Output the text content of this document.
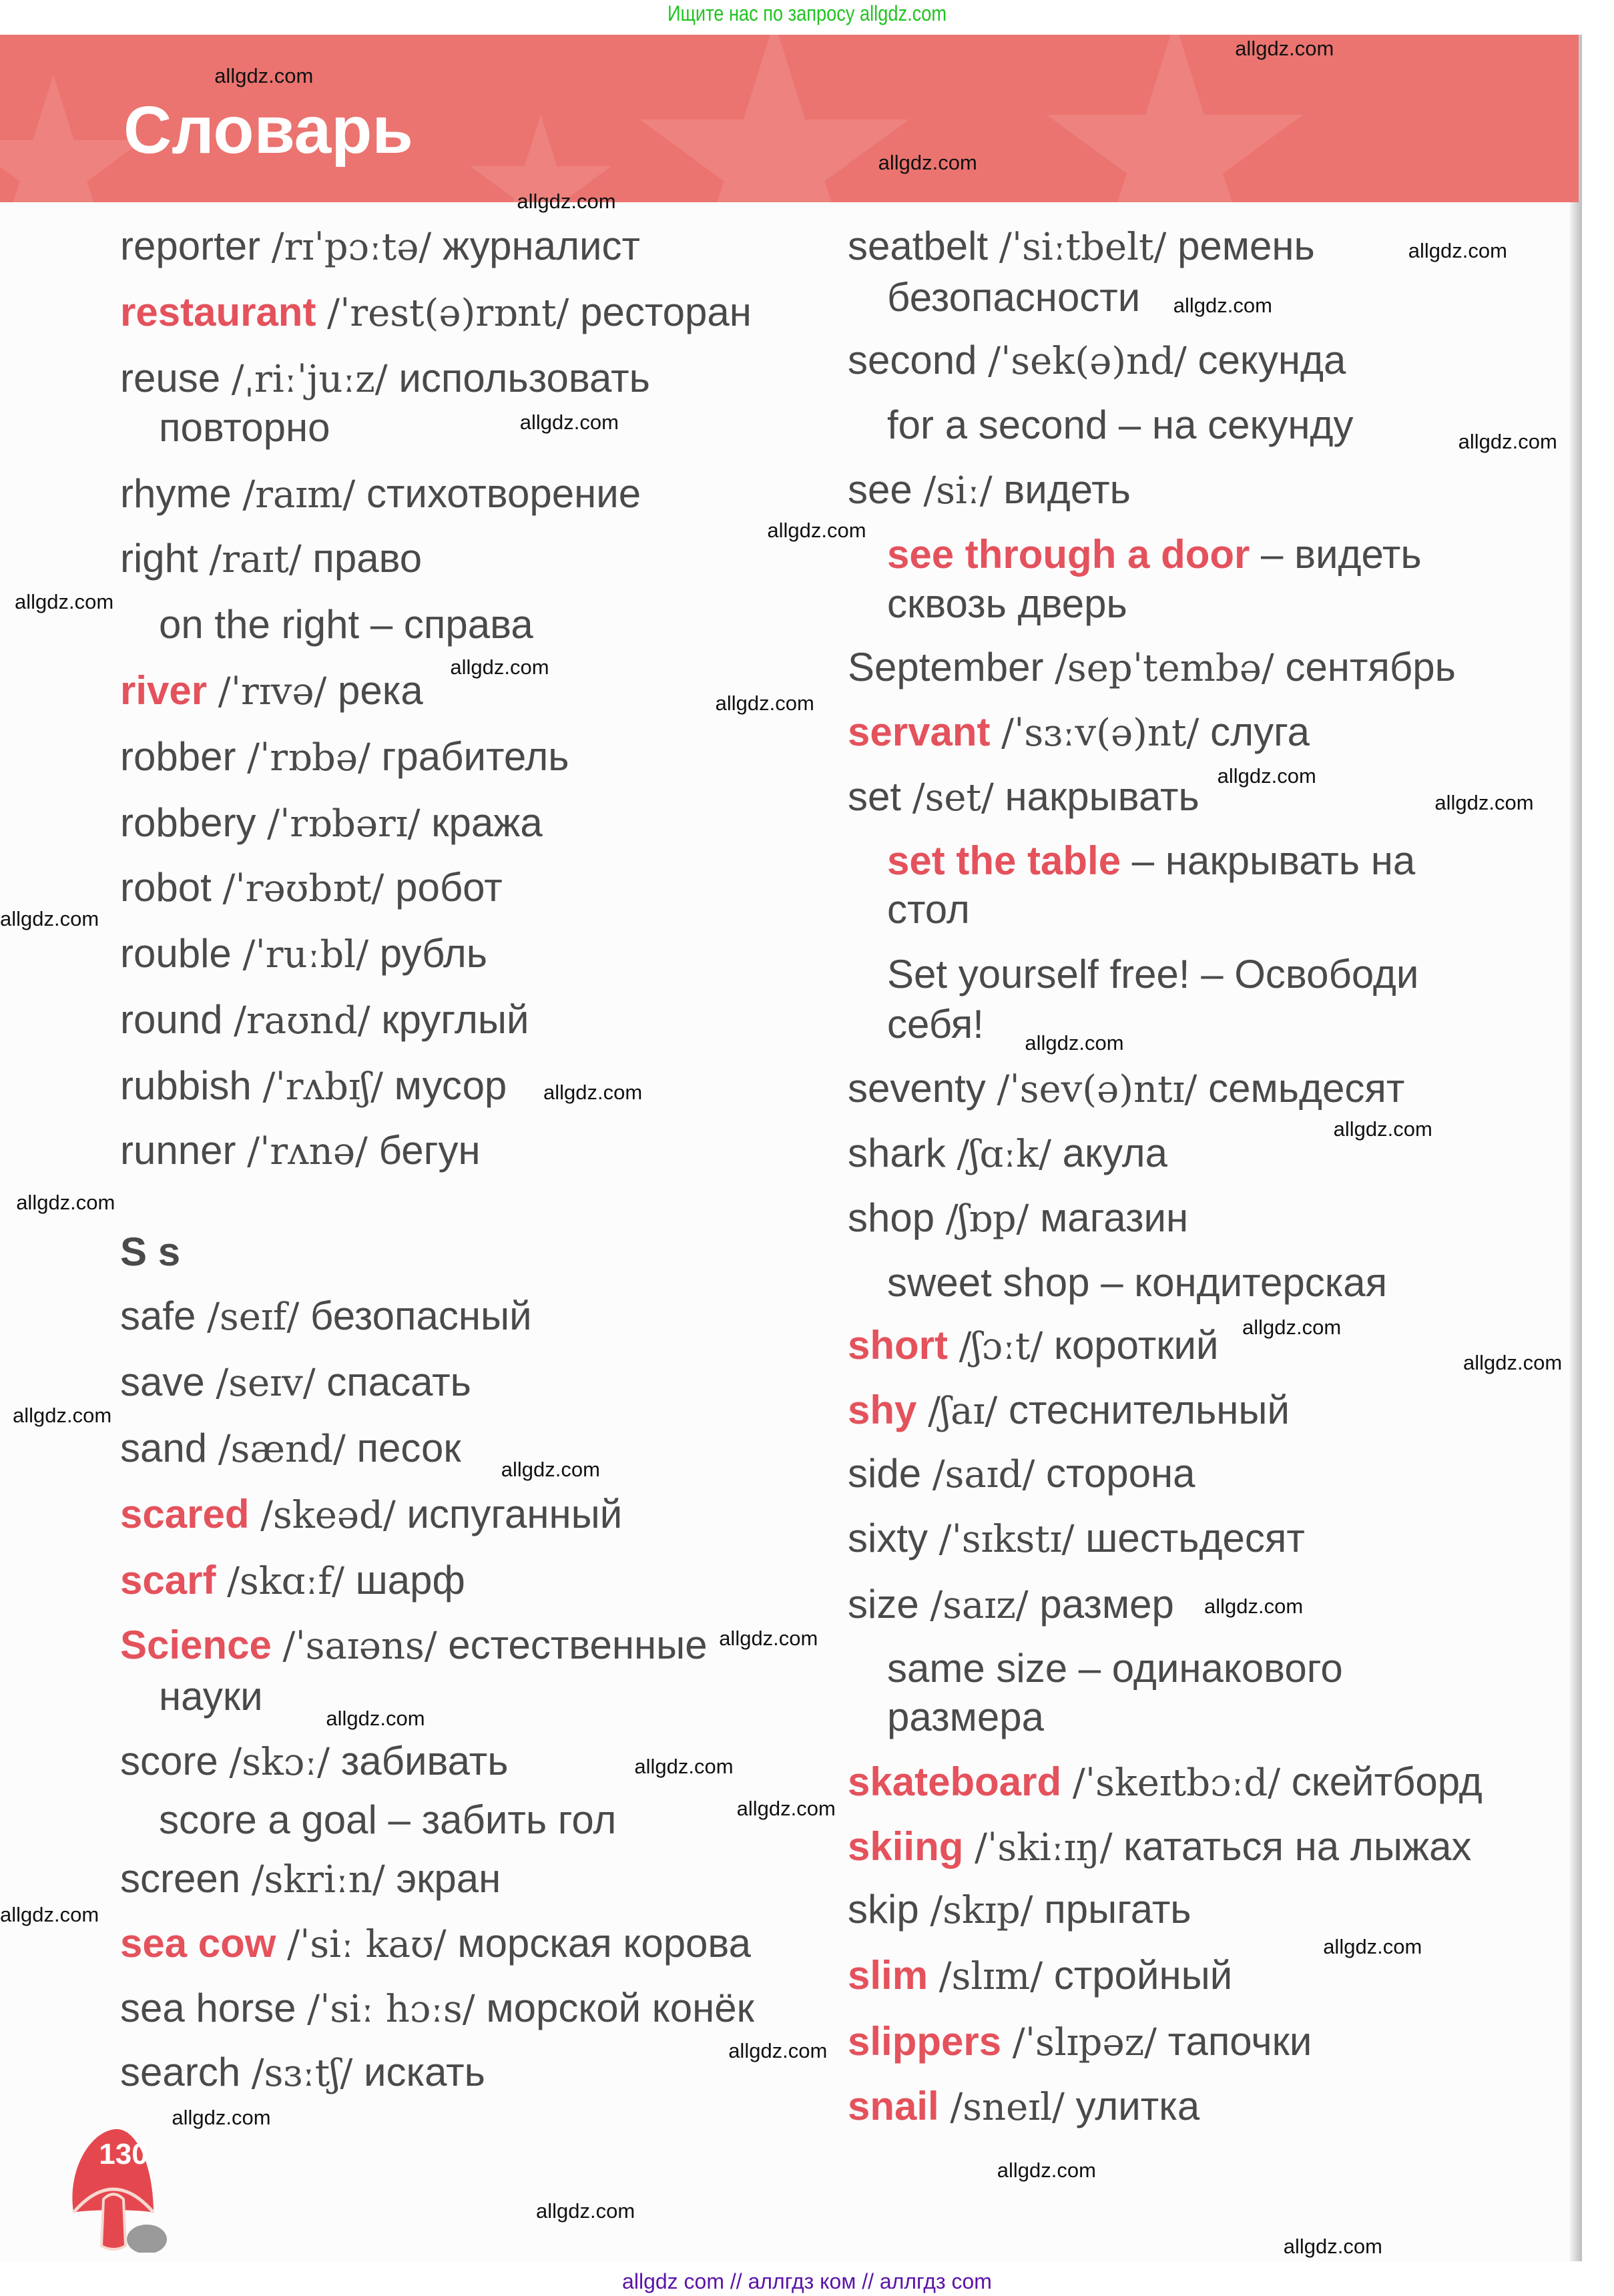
Ищите нас по запросу allgdz.com
Словарь
reporter /rɪˈpɔːtə/ журналист
restaurant /ˈrest(ə)rɒnt/ ресторан
reuse /ˌriːˈjuːz/ использовать
повторно
rhyme /raɪm/ стихотворение
right /raɪt/ право
on the right – справа
river /ˈrɪvə/ река
robber /ˈrɒbə/ грабитель
robbery /ˈrɒbərɪ/ кража
robot /ˈrəʊbɒt/ робот
rouble /ˈruːbl/ рубль
round /raʊnd/ круглый
rubbish /ˈrʌbɪʃ/ мусор
runner /ˈrʌnə/ бегун
S s
safe /seɪf/ безопасный
save /seɪv/ спасать
sand /sænd/ песок
scared /skeəd/ испуганный
scarf /skɑːf/ шарф
Science /ˈsaɪəns/ естественные
науки
score /skɔː/ забивать
score a goal – забить гол
screen /skriːn/ экран
sea cow /ˈsiː kaʊ/ морская корова
sea horse /ˈsiː hɔːs/ морской конёк
search /sɜːtʃ/ искать
seatbelt /ˈsiːtbelt/ ремень
безопасности
second /ˈsek(ə)nd/ секунда
for a second – на секунду
see /siː/ видеть
see through a door – видеть
сквозь дверь
September /sepˈtembə/ сентябрь
servant /ˈsɜːv(ə)nt/ слуга
set /set/ накрывать
set the table – накрывать на
стол
Set yourself free! – Освободи
себя!
seventy /ˈsev(ə)ntɪ/ семьдесят
shark /ʃɑːk/ акула
shop /ʃɒp/ магазин
sweet shop – кондитерская
short /ʃɔːt/ короткий
shy /ʃaɪ/ стеснительный
side /saɪd/ сторона
sixty /ˈsɪkstɪ/ шестьдесят
size /saɪz/ размер
same size – одинакового
размера
skateboard /ˈskeɪtbɔːd/ скейтборд
skiing /ˈskiːɪŋ/ кататься на лыжах
skip /skɪp/ прыгать
slim /slɪm/ стройный
slippers /ˈslɪpəz/ тапочки
snail /sneɪl/ улитка
allgdz.com
allgdz.com
allgdz.com
allgdz.com
allgdz.com
allgdz.com
allgdz.com
allgdz.com
allgdz.com
allgdz.com
allgdz.com
allgdz.com
allgdz.com
allgdz.com
allgdz.com
allgdz.com
allgdz.com
allgdz.com
allgdz.com
allgdz.com
allgdz.com
allgdz.com
allgdz.com
allgdz.com
allgdz.com
allgdz.com
allgdz.com
allgdz.com
allgdz.com
allgdz.com
allgdz.com
allgdz.com
allgdz.com
allgdz.com
allgdz.com
130
allgdz com // аллгдз ком // аллгдз com
